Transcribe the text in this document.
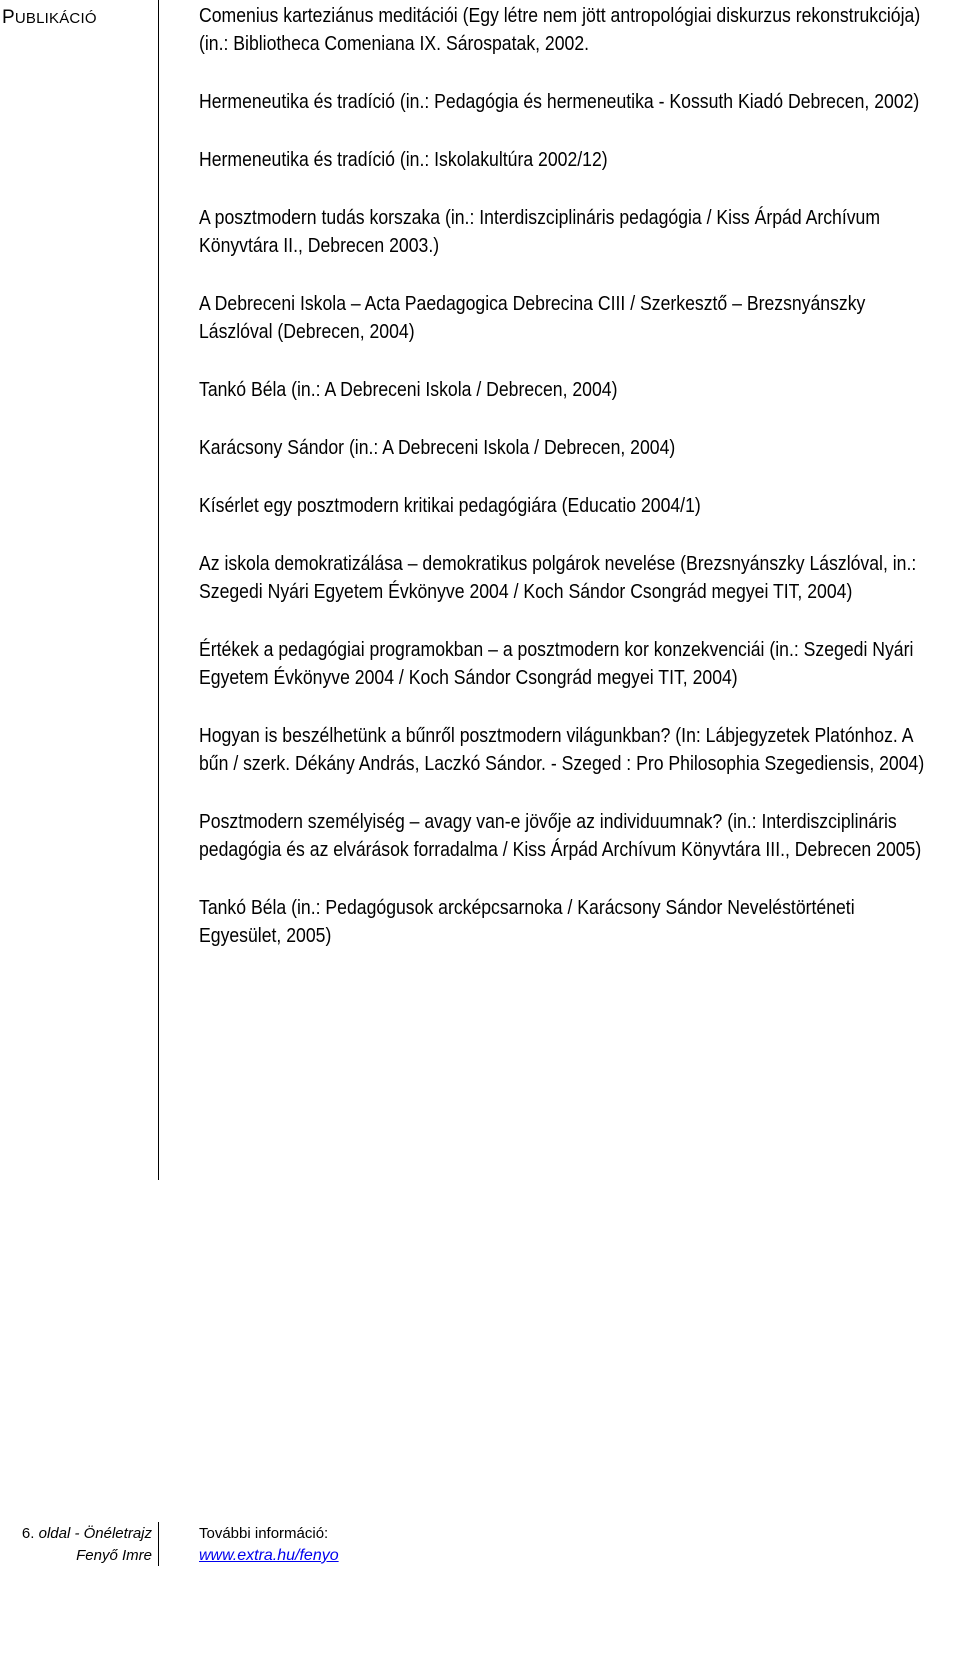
PUBLIKÁCIÓ	Comenius karteziánus meditációi (Egy létre nem jött antropológiai diskurzus rekonstrukciója) (in.: Bibliotheca Comeniana IX. Sárospatak, 2002.
Hermeneutika és tradíció (in.: Pedagógia és hermeneutika - Kossuth Kiadó Debrecen, 2002)
Hermeneutika és tradíció (in.: Iskolakultúra 2002/12)
A posztmodern tudás korszaka (in.: Interdiszciplináris pedagógia / Kiss Árpád Archívum Könyvtára II., Debrecen 2003.)
A Debreceni Iskola – Acta Paedagogica Debrecina CIII / Szerkesztő – Brezsnyánszky Lászlóval (Debrecen, 2004)
Tankó Béla (in.: A Debreceni Iskola / Debrecen, 2004)
Karácsony Sándor (in.: A Debreceni Iskola / Debrecen, 2004)
Kísérlet egy posztmodern kritikai pedagógiára (Educatio 2004/1)
Az iskola demokratizálása – demokratikus polgárok nevelése (Brezsnyánszky Lászlóval, in.: Szegedi Nyári Egyetem Évkönyve 2004 / Koch Sándor Csongrád megyei TIT, 2004)
Értékek a pedagógiai programokban – a posztmodern kor konzekvenciái (in.: Szegedi Nyári Egyetem Évkönyve 2004 / Koch Sándor Csongrád megyei TIT, 2004)
Hogyan is beszélhetünk a bűnről posztmodern világunkban? (In: Lábjegyzetek Platónhoz. A bűn / szerk. Dékány András, Laczkó Sándor. - Szeged : Pro Philosophia Szegediensis, 2004)
Posztmodern személyiség – avagy van-e jövője az individuumnak? (in.: Interdiszciplináris pedagógia és az elvárások forradalma / Kiss Árpád Archívum Könyvtára III., Debrecen 2005)
Tankó Béla (in.: Pedagógusok arcképcsarnoka / Karácsony Sándor Neveléstörténeti Egyesület, 2005)
6. oldal - Önéletrajz
Fenyő Imre
További információ:
www.extra.hu/fenyo
